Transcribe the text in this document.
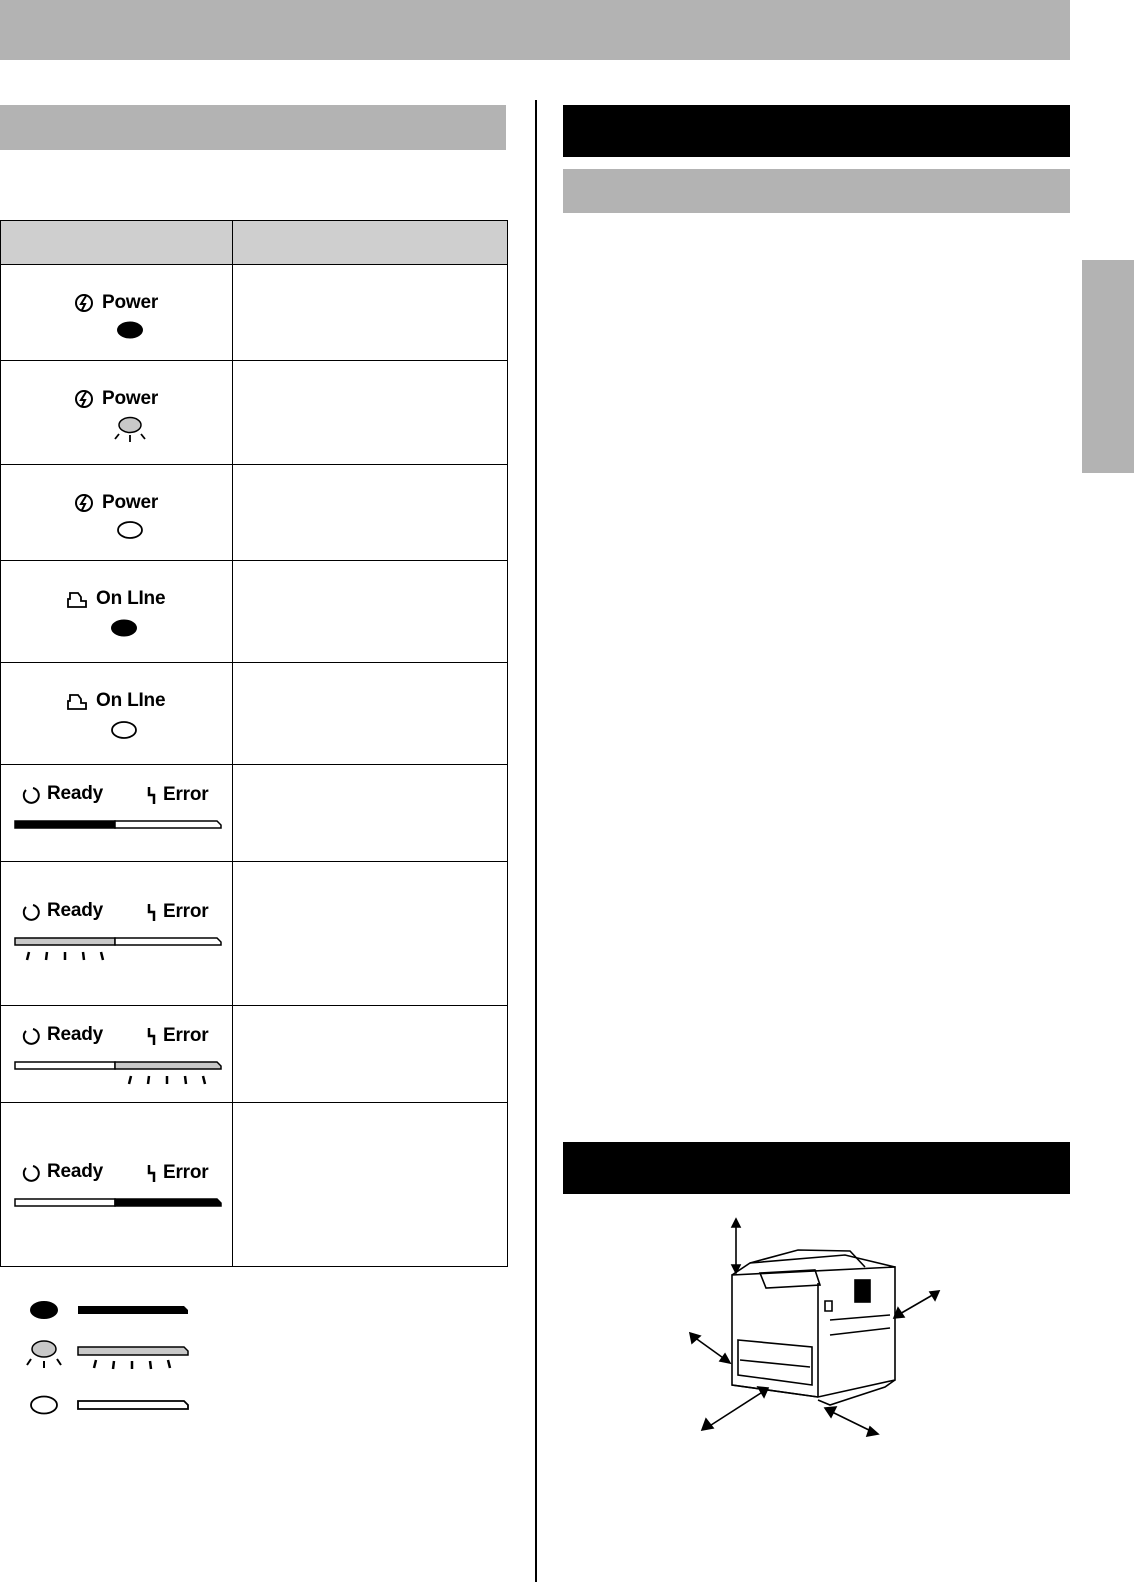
Power	

Power	

Power	

On LIne	

On LIne	

Ready Error	

Ready Error	

Ready Error	

Ready Error	
